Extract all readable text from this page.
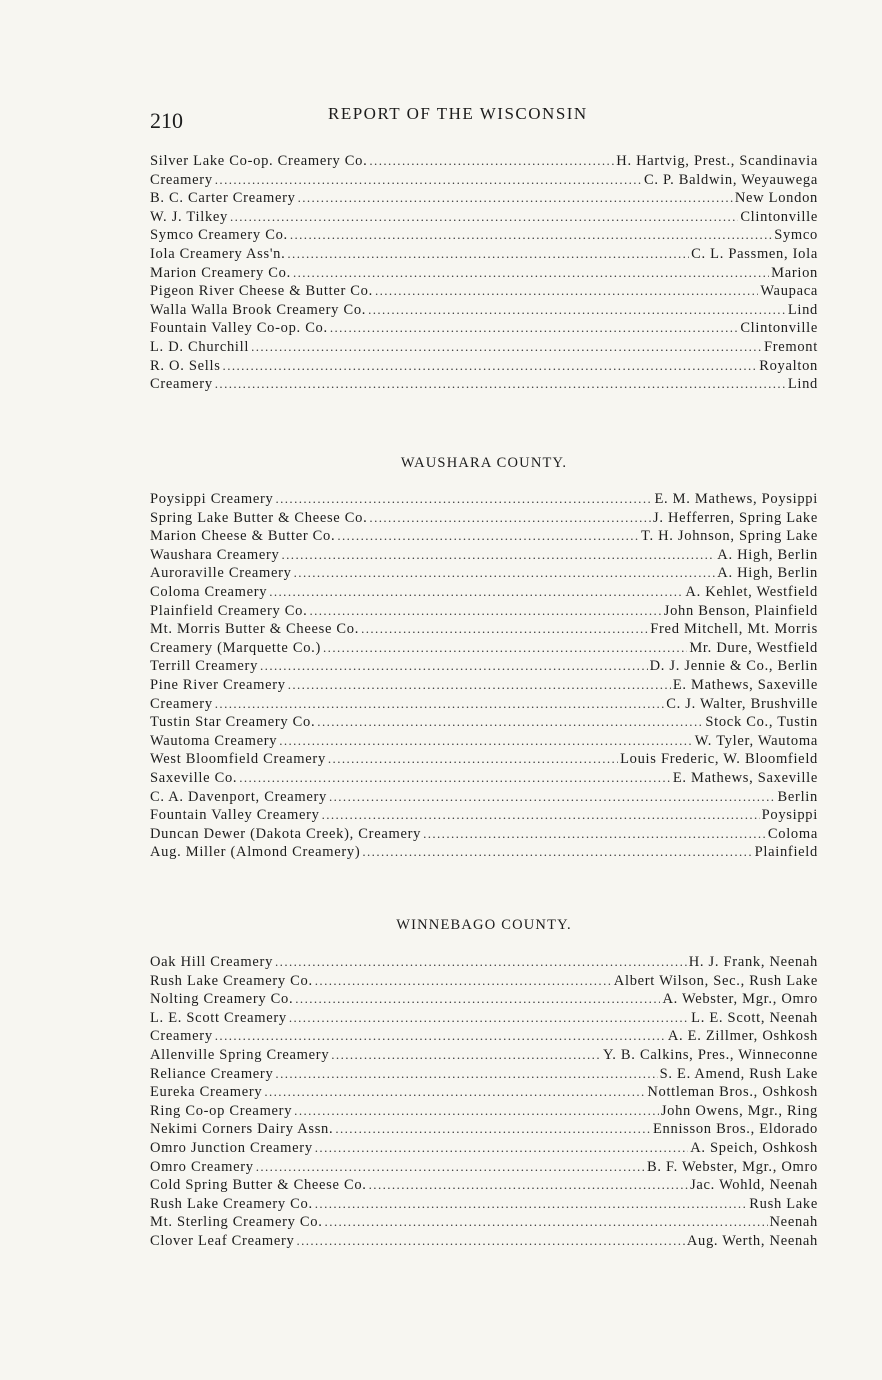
210	REPORT OF THE WISCONSIN
Silver Lake Co-op. Creamery Co. .....	H. Hartvig, Prest., Scandinavia
Creamery .....	C. P. Baldwin, Weyauwega
B. C. Carter Creamery .....	New London
W. J. Tilkey .....	Clintonville
Symco Creamery Co. .....	Symco
Iola Creamery Ass'n. .....	C. L. Passmen, Iola
Marion Creamery Co. .....	Marion
Pigeon River Cheese & Butter Co. .....	Waupaca
Walla Walla Brook Creamery Co. .....	Lind
Fountain Valley Co-op. Co. .....	Clintonville
L. D. Churchill .....	Fremont
R. O. Sells .....	Royalton
Creamery .....	Lind
WAUSHARA COUNTY.
Poysippi Creamery .....	E. M. Mathews, Poysippi
Spring Lake Butter & Cheese Co. .....	J. Hefferren, Spring Lake
Marion Cheese & Butter Co. .....	T. H. Johnson, Spring Lake
Waushara Creamery .....	A. High, Berlin
Auroraville Creamery .....	A. High, Berlin
Coloma Creamery .....	A. Kehlet, Westfield
Plainfield Creamery Co. .....	John Benson, Plainfield
Mt. Morris Butter & Cheese Co. .....	Fred Mitchell, Mt. Morris
Creamery (Marquette Co.) .....	Mr. Dure, Westfield
Terrill Creamery .....	D. J. Jennie & Co., Berlin
Pine River Creamery .....	E. Mathews, Saxeville
Creamery .....	C. J. Walter, Brushville
Tustin Star Creamery Co. .....	Stock Co., Tustin
Wautoma Creamery .....	W. Tyler, Wautoma
West Bloomfield Creamery .....	Louis Frederic, W. Bloomfield
Saxeville Co. .....	E. Mathews, Saxeville
C. A. Davenport, Creamery .....	Berlin
Fountain Valley Creamery .....	Poysippi
Duncan Dewer (Dakota Creek), Creamery .....	Coloma
Aug. Miller (Almond Creamery) .....	Plainfield
WINNEBAGO COUNTY.
Oak Hill Creamery .....	H. J. Frank, Neenah
Rush Lake Creamery Co. .....	Albert Wilson, Sec., Rush Lake
Nolting Creamery Co. .....	A. Webster, Mgr., Omro
L. E. Scott Creamery .....	L. E. Scott, Neenah
Creamery .....	A. E. Zillmer, Oshkosh
Allenville Spring Creamery .....	Y. B. Calkins, Pres., Winneconne
Reliance Creamery .....	S. E. Amend, Rush Lake
Eureka Creamery .....	Nottleman Bros., Oshkosh
Ring Co-op Creamery .....	John Owens, Mgr., Ring
Nekimi Corners Dairy Assn. .....	Ennisson Bros., Eldorado
Omro Junction Creamery .....	A. Speich, Oshkosh
Omro Creamery .....	B. F. Webster, Mgr., Omro
Cold Spring Butter & Cheese Co. .....	Jac. Wohld, Neenah
Rush Lake Creamery Co. .....	Rush Lake
Mt. Sterling Creamery Co. .....	Neenah
Clover Leaf Creamery .....	Aug. Werth, Neenah
